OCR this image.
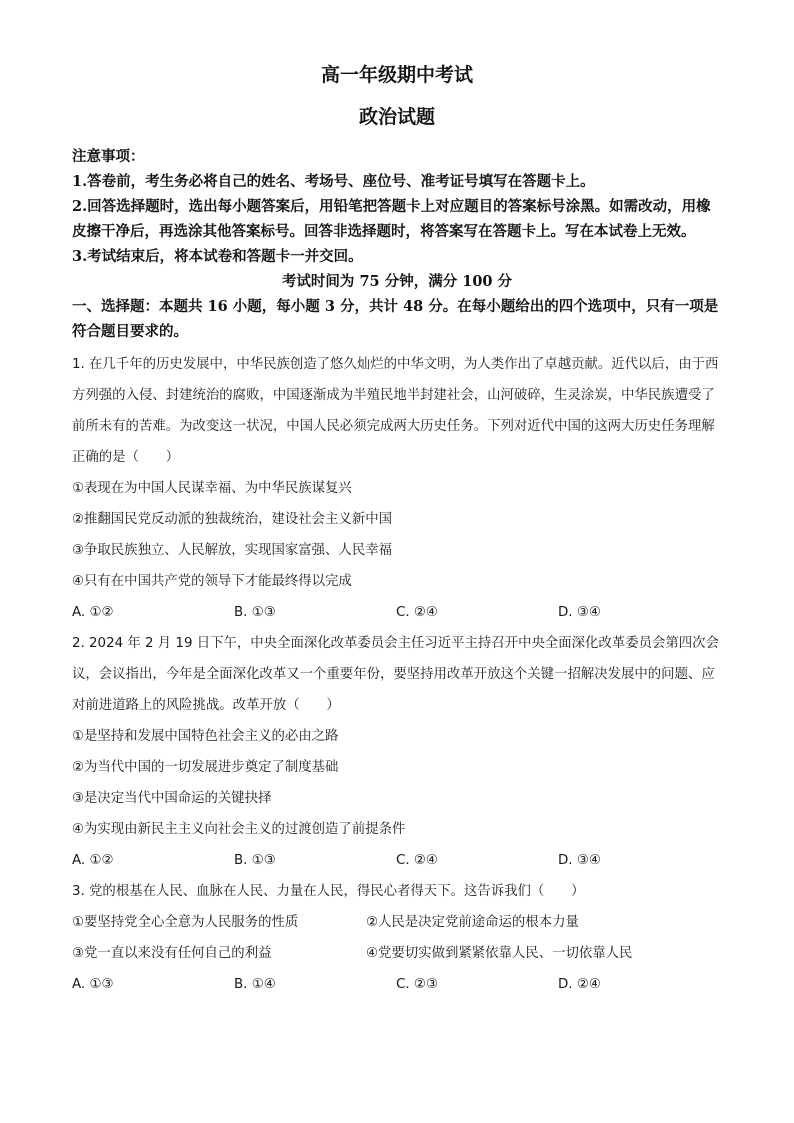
高一年级期中考试
政治试题

注意事项：

1.答卷前，考生务必将自己的姓名、考场号、座位号、准考证号填写在答题卡上。

2.回答选择题时，选出每小题答案后，用铅笔把答题卡上对应题目的答案标号涂黑。如需改动，用橡皮擦干净后，再选涂其他答案标号。回答非选择题时，将答案写在答题卡上。写在本试卷上无效。

3.考试结束后，将本试卷和答题卡一并交回。

考试时间为 75 分钟，满分 100 分

一、选择题：本题共 16 小题，每小题 3 分，共计 48 分。在每小题给出的四个选项中，只有一项是符合题目要求的。

1. 在几千年的历史发展中，中华民族创造了悠久灿烂的中华文明，为人类作出了卓越贡献。近代以后，由于西方列强的入侵、封建统治的腐败，中国逐渐成为半殖民地半封建社会，山河破碎，生灵涂炭，中华民族遭受了前所未有的苦难。为改变这一状况，中国人民必须完成两大历史任务。下列对近代中国的这两大历史任务理解正确的是（　　）

①表现在为中国人民谋幸福、为中华民族谋复兴

②推翻国民党反动派的独裁统治，建设社会主义新中国

③争取民族独立、人民解放，实现国家富强、人民幸福

④只有在中国共产党的领导下才能最终得以完成

A. ①②	B. ①③	C. ②④	D. ③④

2. 2024 年 2 月 19 日下午，中央全面深化改革委员会主任习近平主持召开中央全面深化改革委员会第四次会议，会议指出，今年是全面深化改革又一个重要年份，要坚持用改革开放这个关键一招解决发展中的问题、应对前进道路上的风险挑战。改革开放（　　）

①是坚持和发展中国特色社会主义的必由之路

②为当代中国的一切发展进步奠定了制度基础

③是决定当代中国命运的关键抉择

④为实现由新民主主义向社会主义的过渡创造了前提条件

A. ①②	B. ①③	C. ②④	D. ③④

3. 党的根基在人民、血脉在人民、力量在人民，得民心者得天下。这告诉我们（　　）

①要坚持党全心全意为人民服务的性质	②人民是决定党前途命运的根本力量
③党一直以来没有任何自己的利益	④党要切实做到紧紧依靠人民、一切依靠人民
A. ①③	B. ①④	C. ②③	D. ②④
